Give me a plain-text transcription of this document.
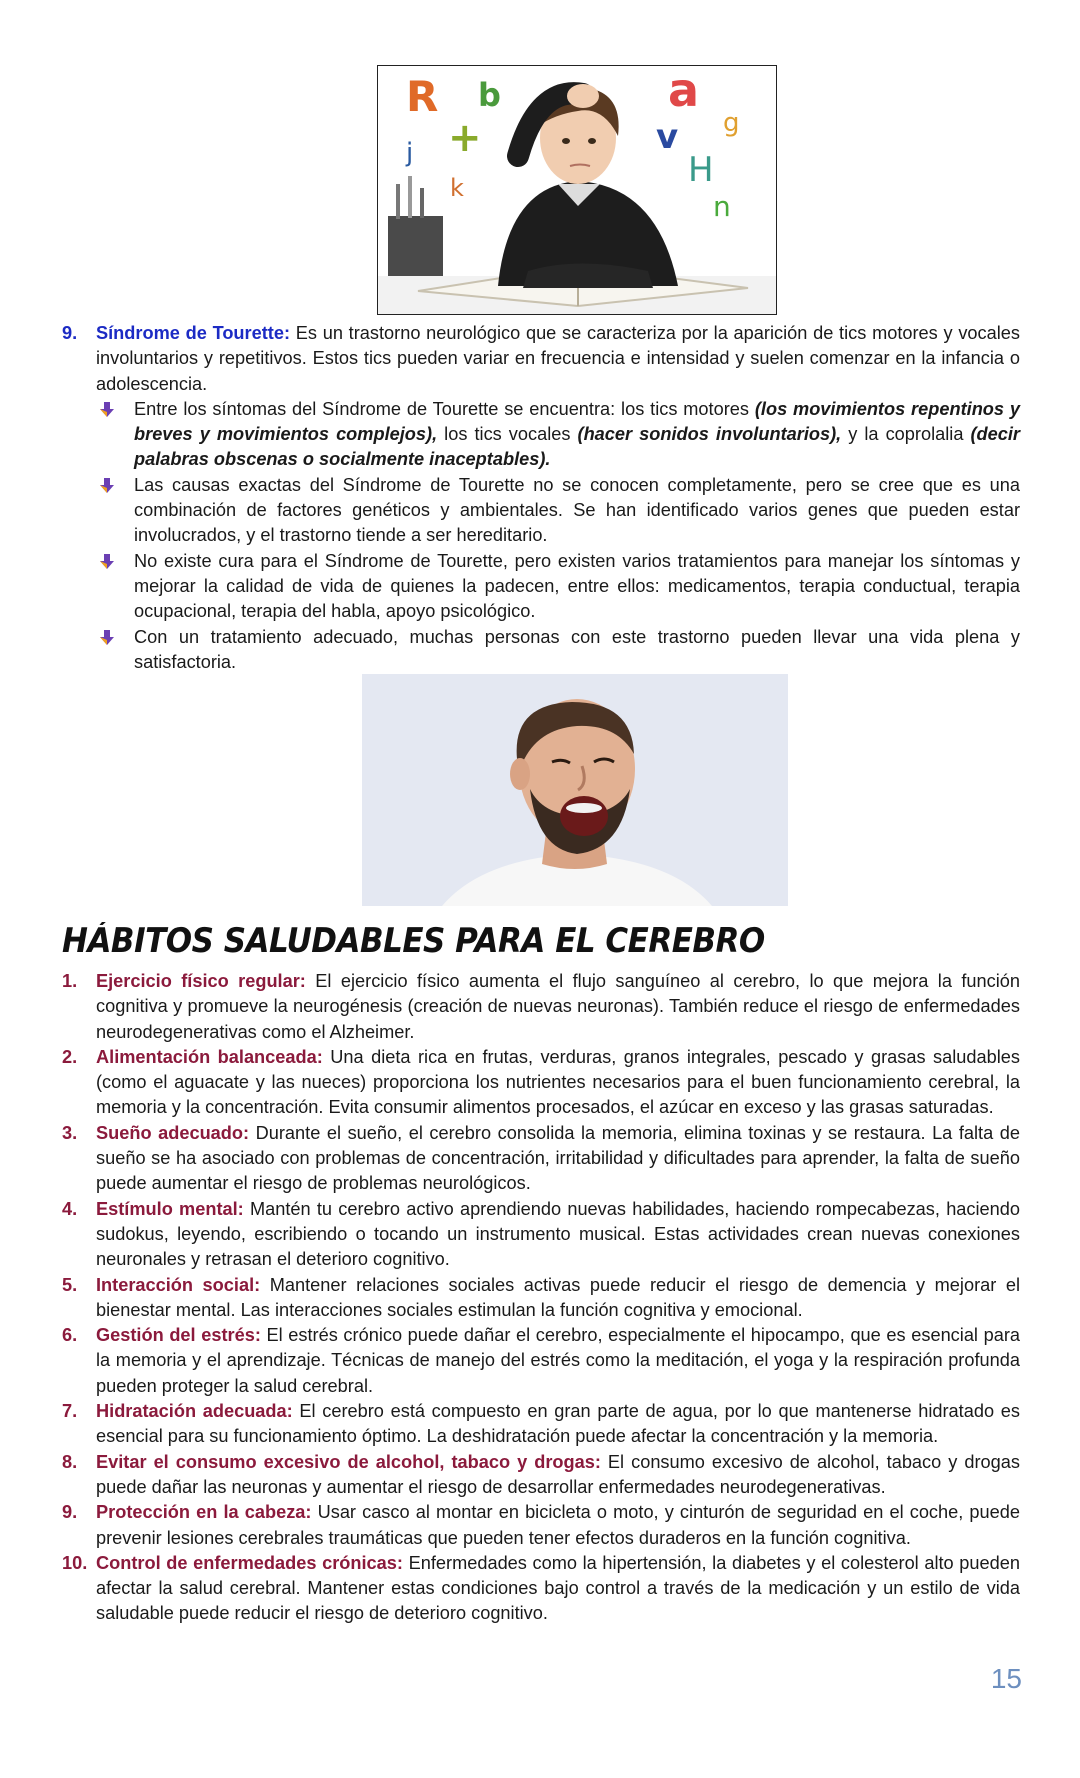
R b	a
g
v
H
n
j +
k
9. Síndrome de Tourette: Es un trastorno neurológico que se caracteriza por la aparición de tics motores y vocales involuntarios y repetitivos. Estos tics pueden variar en frecuencia e intensidad y suelen comenzar en la infancia o adolescencia.
Entre los síntomas del Síndrome de Tourette se encuentra: los tics motores (los movimientos repentinos y breves y movimientos complejos), los tics vocales (hacer sonidos involuntarios), y la coprolalia (decir palabras obscenas o socialmente inaceptables).
Las causas exactas del Síndrome de Tourette no se conocen completamente, pero se cree que es una combinación de factores genéticos y ambientales. Se han identificado varios genes que pueden estar involucrados, y el trastorno tiende a ser hereditario.
No existe cura para el Síndrome de Tourette, pero existen varios tratamientos para manejar los síntomas y mejorar la calidad de vida de quienes la padecen, entre ellos: medicamentos, terapia conductual, terapia ocupacional, terapia del habla, apoyo psicológico.
Con un tratamiento adecuado, muchas personas con este trastorno pueden llevar una vida plena y satisfactoria.
HÁBITOS SALUDABLES PARA EL CEREBRO
1. Ejercicio físico regular: El ejercicio físico aumenta el flujo sanguíneo al cerebro, lo que mejora la función cognitiva y promueve la neurogénesis (creación de nuevas neuronas). También reduce el riesgo de enfermedades neurodegenerativas como el Alzheimer.
2. Alimentación balanceada: Una dieta rica en frutas, verduras, granos integrales, pescado y grasas saludables (como el aguacate y las nueces) proporciona los nutrientes necesarios para el buen funcionamiento cerebral, la memoria y la concentración. Evita consumir alimentos procesados, el azúcar en exceso y las grasas saturadas.
3. Sueño adecuado: Durante el sueño, el cerebro consolida la memoria, elimina toxinas y se restaura. La falta de sueño se ha asociado con problemas de concentración, irritabilidad y dificultades para aprender, la falta de sueño puede aumentar el riesgo de problemas neurológicos.
4. Estímulo mental: Mantén tu cerebro activo aprendiendo nuevas habilidades, haciendo rompecabezas, haciendo sudokus, leyendo, escribiendo o tocando un instrumento musical. Estas actividades crean nuevas conexiones neuronales y retrasan el deterioro cognitivo.
5. Interacción social: Mantener relaciones sociales activas puede reducir el riesgo de demencia y mejorar el bienestar mental. Las interacciones sociales estimulan la función cognitiva y emocional.
6. Gestión del estrés: El estrés crónico puede dañar el cerebro, especialmente el hipocampo, que es esencial para la memoria y el aprendizaje. Técnicas de manejo del estrés como la meditación, el yoga y la respiración profunda pueden proteger la salud cerebral.
7. Hidratación adecuada: El cerebro está compuesto en gran parte de agua, por lo que mantenerse hidratado es esencial para su funcionamiento óptimo. La deshidratación puede afectar la concentración y la memoria.
8. Evitar el consumo excesivo de alcohol, tabaco y drogas: El consumo excesivo de alcohol, tabaco y drogas puede dañar las neuronas y aumentar el riesgo de desarrollar enfermedades neurodegenerativas.
9. Protección en la cabeza: Usar casco al montar en bicicleta o moto, y cinturón de seguridad en el coche, puede prevenir lesiones cerebrales traumáticas que pueden tener efectos duraderos en la función cognitiva.
10. Control de enfermedades crónicas: Enfermedades como la hipertensión, la diabetes y el colesterol alto pueden afectar la salud cerebral. Mantener estas condiciones bajo control a través de la medicación y un estilo de vida saludable puede reducir el riesgo de deterioro cognitivo.
15
